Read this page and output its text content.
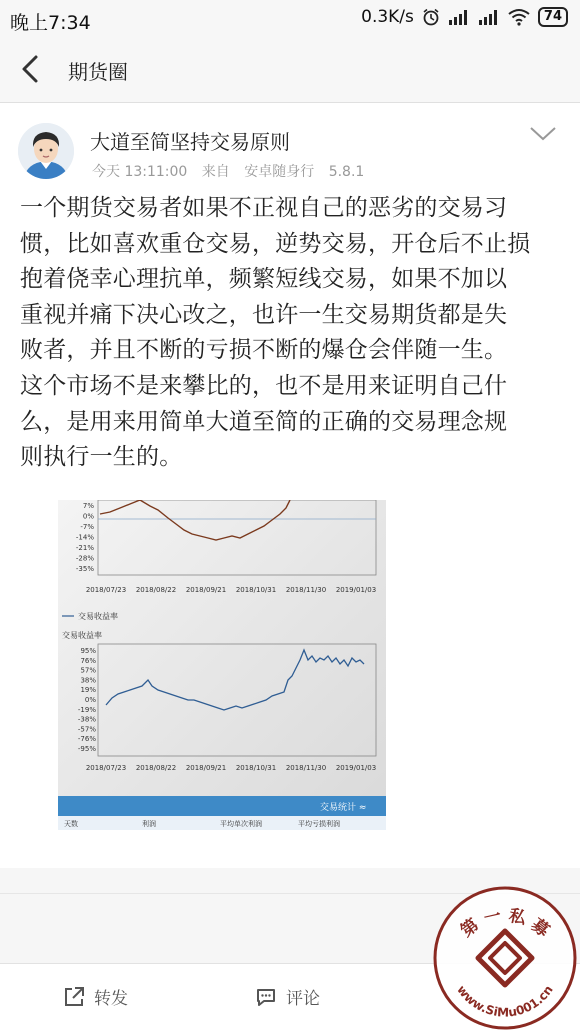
晚上7:34	0.3K/s	74
期货圈
大道至简坚持交易原则
今天 13:11:00 来自 安卓随身行 5.8.1
一个期货交易者如果不正视自己的恶劣的交易习
惯，比如喜欢重仓交易，逆势交易，开仓后不止损
抱着侥幸心理抗单，频繁短线交易，如果不加以
重视并痛下决心改之，也许一生交易期货都是失
败者，并且不断的亏损不断的爆仓会伴随一生。
这个市场不是来攀比的，也不是用来证明自己什
么，是用来用简单大道至简的正确的交易理念规
则执行一生的。
7%
0%
-7%
-14%
-21%
-28%
-35%
2018/07/23 2018/08/22 2018/09/21 2018/10/31 2018/11/30 2019/01/03
交易收益率
交易收益率
95%
76%
57%
38%
19%
0%
-19%
-38%
-57%
-76%
-95%
2018/07/23 2018/08/22 2018/09/21 2018/10/31 2018/11/30 2019/01/03
交易统计 ≈
天数	利润	平均单次利润	平均亏损利润
转发	评论
第 一 私 募
www.SiMu001.cn
